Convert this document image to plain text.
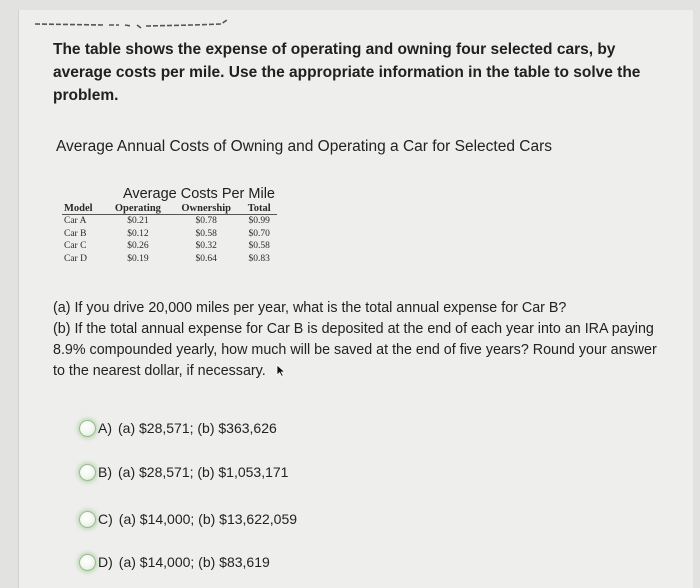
The table shows the expense of operating and owning four selected cars, by average costs per mile. Use the appropriate information in the table to solve the problem.
Average Annual Costs of Owning and Operating a Car for Selected Cars
Average Costs Per Mile
Model	Operating	Ownership	Total
Car A	$0.21	$0.78	$0.99
Car B	$0.12	$0.58	$0.70
Car C	$0.26	$0.32	$0.58
Car D	$0.19	$0.64	$0.83
(a) If you drive 20,000 miles per year, what is the total annual expense for Car B?
(b) If the total annual expense for Car B is deposited at the end of each year into an IRA paying 8.9% compounded yearly, how much will be saved at the end of five years? Round your answer to the nearest dollar, if necessary.
A) (a) $28,571; (b) $363,626
B) (a) $28,571; (b) $1,053,171
C) (a) $14,000; (b) $13,622,059
D) (a) $14,000; (b) $83,619
